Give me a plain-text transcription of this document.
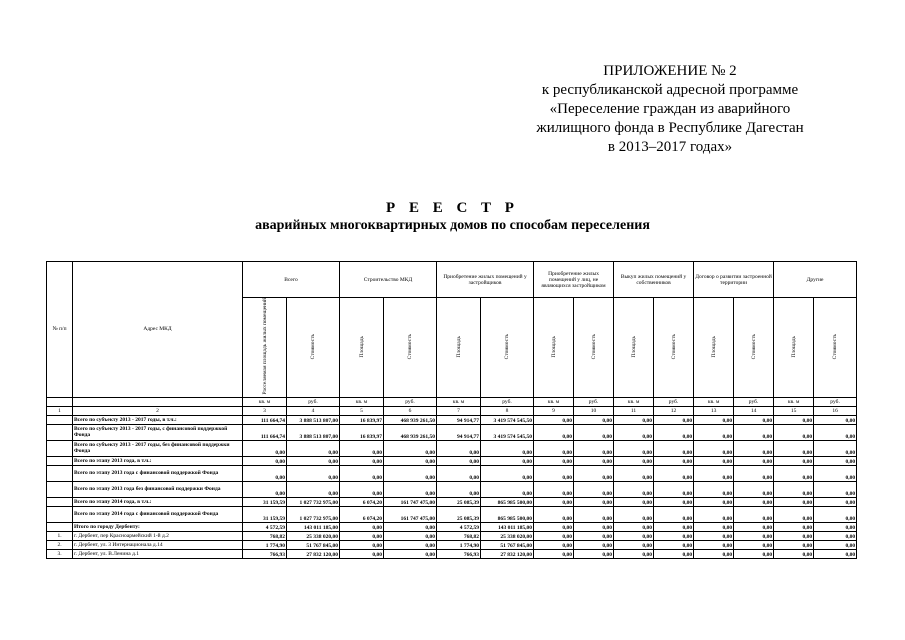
ПРИЛОЖЕНИЕ № 2
к республиканской адресной программе
«Переселение граждан из аварийного
жилищного фонда в Республике Дагестан
в 2013–2017 годах»
Р Е Е С Т Р
аварийных многоквартирных домов по способам переселения
№ п/п	Адрес МКД	Всего		Строительство МКД		Приобретение жилых помещений у застройщиков		Приобретение жилых помещений у лиц, не являющихся застройщиком		Выкуп жилых помещений у собственников		Договор о развитии застроенной территории		Другие	
		Расселяемая площадь жилых помещений	Стоимость	Площадь	Стоимость	Площадь	Стоимость	Площадь	Стоимость	Площадь	Стоимость	Площадь	Стоимость	Площадь	Стоимость
		кв. м	руб.	кв. м	руб.	кв. м	руб.	кв. м	руб.	кв. м	руб.	кв. м	руб.	кв. м	руб.
1	2	3	4	5	6	7	8	9	10	11	12	13	14	15	16
	Всего по субъекту 2013 - 2017 годы, в т.ч.:	111 664,74	3 888 513 807,00	16 839,97	468 939 261,50	94 914,77	3 419 574 545,50	0,00	0,00	0,00	0,00	0,00	0,00	0,00	0,00
	Всего по субъекту 2013 - 2017 годы, с финансовой поддержкой Фонда	111 664,74	3 888 513 807,00	16 839,97	468 939 261,50	94 914,77	3 419 574 545,50	0,00	0,00	0,00	0,00	0,00	0,00	0,00	0,00
	Всего по субъекту 2013 - 2017 годы, без финансовой поддержки Фонда	0,00	0,00	0,00	0,00	0,00	0,00	0,00	0,00	0,00	0,00	0,00	0,00	0,00	0,00
	Всего по этапу 2013 года, в т.ч.:	0,00	0,00	0,00	0,00	0,00	0,00	0,00	0,00	0,00	0,00	0,00	0,00	0,00	0,00
	Всего по этапу 2013 года с финансовой поддержкой Фонда	0,00	0,00	0,00	0,00	0,00	0,00	0,00	0,00	0,00	0,00	0,00	0,00	0,00	0,00
	Всего по этапу 2013 года без финансовой поддержки Фонда	0,00	0,00	0,00	0,00	0,00	0,00	0,00	0,00	0,00	0,00	0,00	0,00	0,00	0,00
	Всего по этапу 2014 года, в т.ч.:	31 159,59	1 027 732 975,00	6 074,20	161 747 475,00	25 085,39	865 985 500,00	0,00	0,00	0,00	0,00	0,00	0,00	0,00	0,00
	Всего по этапу 2014 года с финансовой поддержкой Фонда	31 159,59	1 027 732 975,00	6 074,20	161 747 475,00	25 085,39	865 985 500,00	0,00	0,00	0,00	0,00	0,00	0,00	0,00	0,00
	Итого по городу Дербенту:	4 572,59	143 011 185,00	0,00	0,00	4 572,59	143 011 185,00	0,00	0,00	0,00	0,00	0,00	0,00	0,00	0,00
1.	г. Дербент, пер Красноармейский 1-й д.2	768,82	25 338 020,00	0,00	0,00	768,82	25 338 020,00	0,00	0,00	0,00	0,00	0,00	0,00	0,00	0,00
2.	г. Дербент, ул. 3 Интернационала д.14	1 774,90	51 767 845,00	0,00	0,00	1 774,90	51 767 845,00	0,00	0,00	0,00	0,00	0,00	0,00	0,00	0,00
3.	г. Дербент, ул. В.Ленина д.1	766,93	27 832 120,00	0,00	0,00	766,93	27 832 120,00	0,00	0,00	0,00	0,00	0,00	0,00	0,00	0,00
